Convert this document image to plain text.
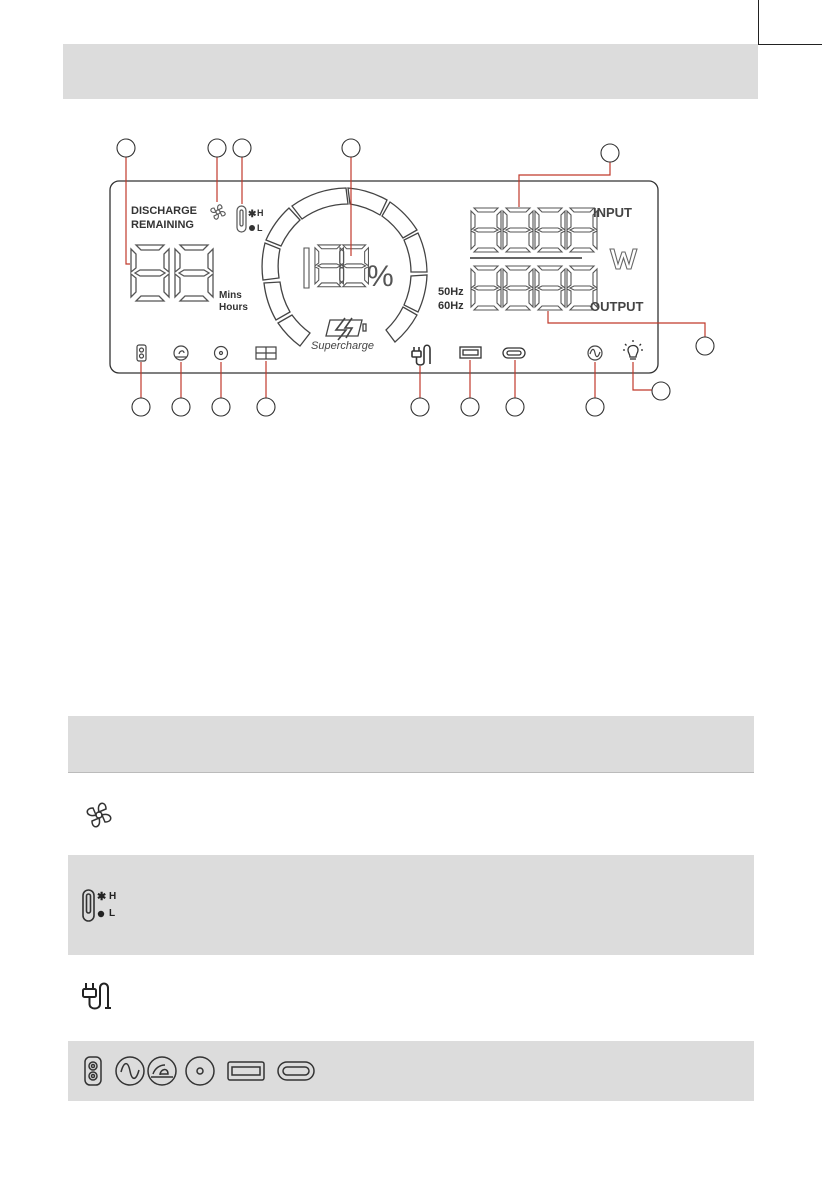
✱ H
L
%
Supercharge
DISCHARGE
REMAINING
Mins
Hours
INPUT
OUTPUT
50Hz
60Hz
✱ H
L
